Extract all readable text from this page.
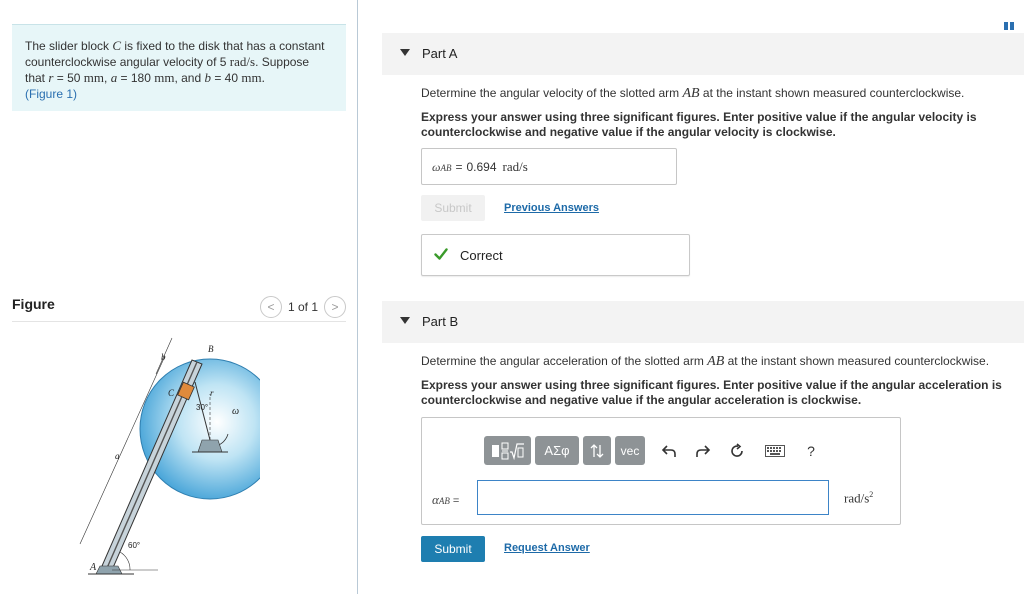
The slider block C is fixed to the disk that has a constant
counterclockwise angular velocity of 5 rad/s. Suppose
that r = 50 mm, a = 180 mm, and b = 40 mm.
(Figure 1)
Figure	< 1 of 1 >
A
B
C
a
b
r
ω
30°
60°
Part A
Determine the angular velocity of the slotted arm AB at the instant shown measured counterclockwise.
Express your answer using three significant figures. Enter positive value if the angular velocity is counterclockwise and negative value if the angular velocity is clockwise.
ωAB = 0.694 rad/s
Submit	Previous Answers
Correct
Part B
Determine the angular acceleration of the slotted arm AB at the instant shown measured counterclockwise.
Express your answer using three significant figures. Enter positive value if the angular acceleration is counterclockwise and negative value if the angular acceleration is clockwise.
ΑΣφ	vec	?
αAB =	rad/$s^2$
Submit	Request Answer
